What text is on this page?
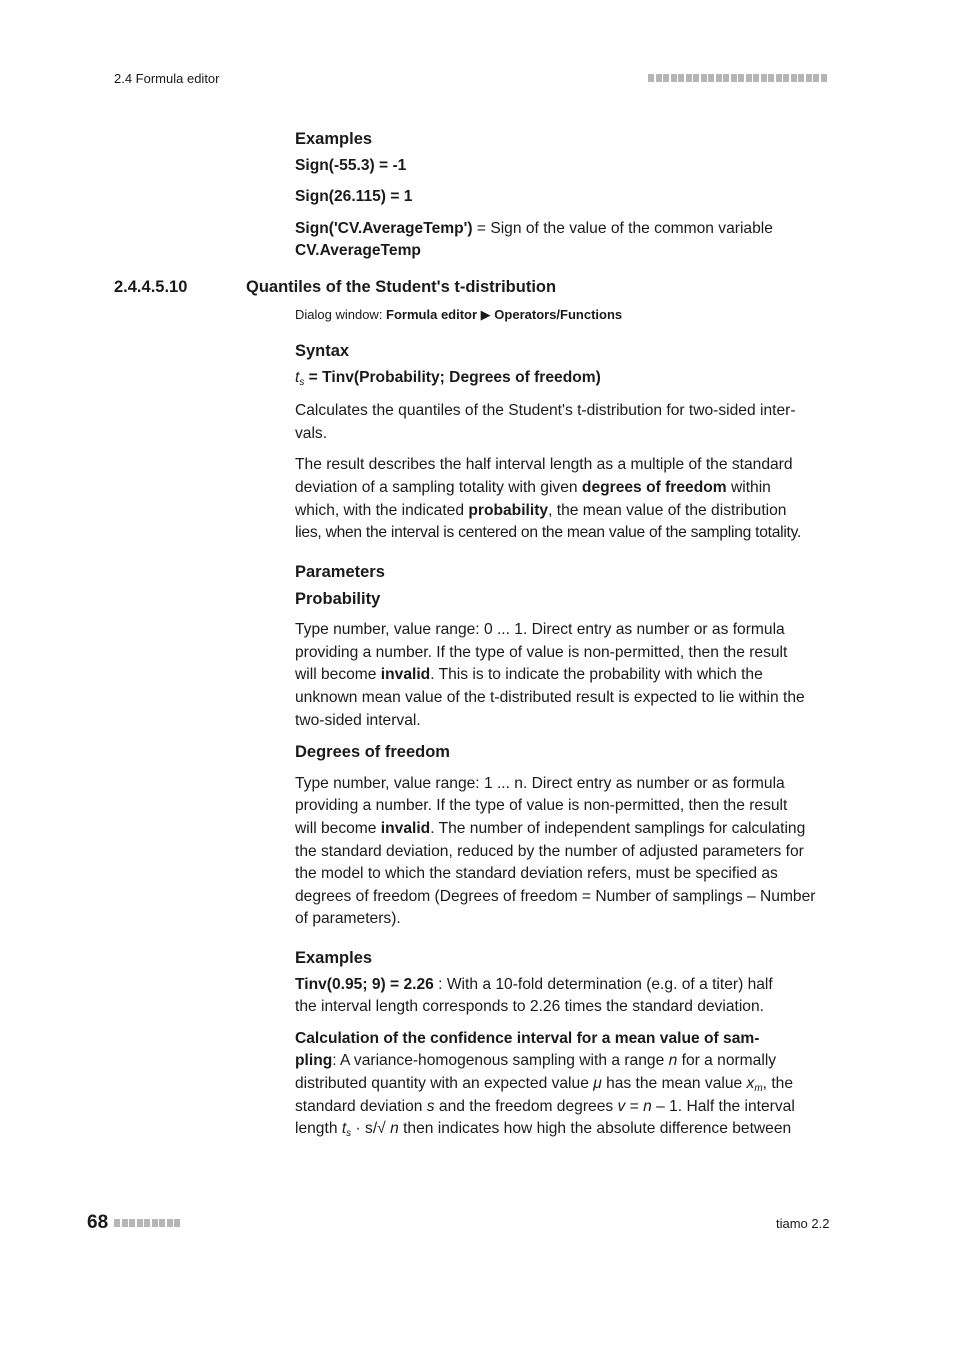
2.4 Formula editor

Examples

Sign(-55.3) = -1

Sign(26.115) = 1

Sign('CV.AverageTemp') = Sign of the value of the common variable
CV.AverageTemp

2.4.4.5.10	Quantiles of the Student's t-distribution
Dialog window: Formula editor ▶ Operators/Functions

Syntax

$t_s$ = Tinv(Probability; Degrees of freedom)

Calculates the quantiles of the Student's t-distribution for two-sided inter-
vals.

The result describes the half interval length as a multiple of the standard
deviation of a sampling totality with given degrees of freedom within
which, with the indicated probability, the mean value of the distribution
lies, when the interval is centered on the mean value of the sampling totality.

Parameters

Probability

Type number, value range: 0 ... 1. Direct entry as number or as formula
providing a number. If the type of value is non-permitted, then the result
will become invalid. This is to indicate the probability with which the
unknown mean value of the t-distributed result is expected to lie within the
two-sided interval.

Degrees of freedom

Type number, value range: 1 ... n. Direct entry as number or as formula
providing a number. If the type of value is non-permitted, then the result
will become invalid. The number of independent samplings for calculating
the standard deviation, reduced by the number of adjusted parameters for
the model to which the standard deviation refers, must be specified as
degrees of freedom (Degrees of freedom = Number of samplings – Number
of parameters).

Examples

Tinv(0.95; 9) = 2.26 : With a 10-fold determination (e.g. of a titer) half
the interval length corresponds to 2.26 times the standard deviation.

Calculation of the confidence interval for a mean value of sam-
pling: A variance-homogenous sampling with a range n for a normally
distributed quantity with an expected value μ has the mean value $x_m$, the
standard deviation s and the freedom degrees v = n – 1. Half the interval
length $t_s \cdot s/√$ n then indicates how high the absolute difference between

68	tiamo 2.2
